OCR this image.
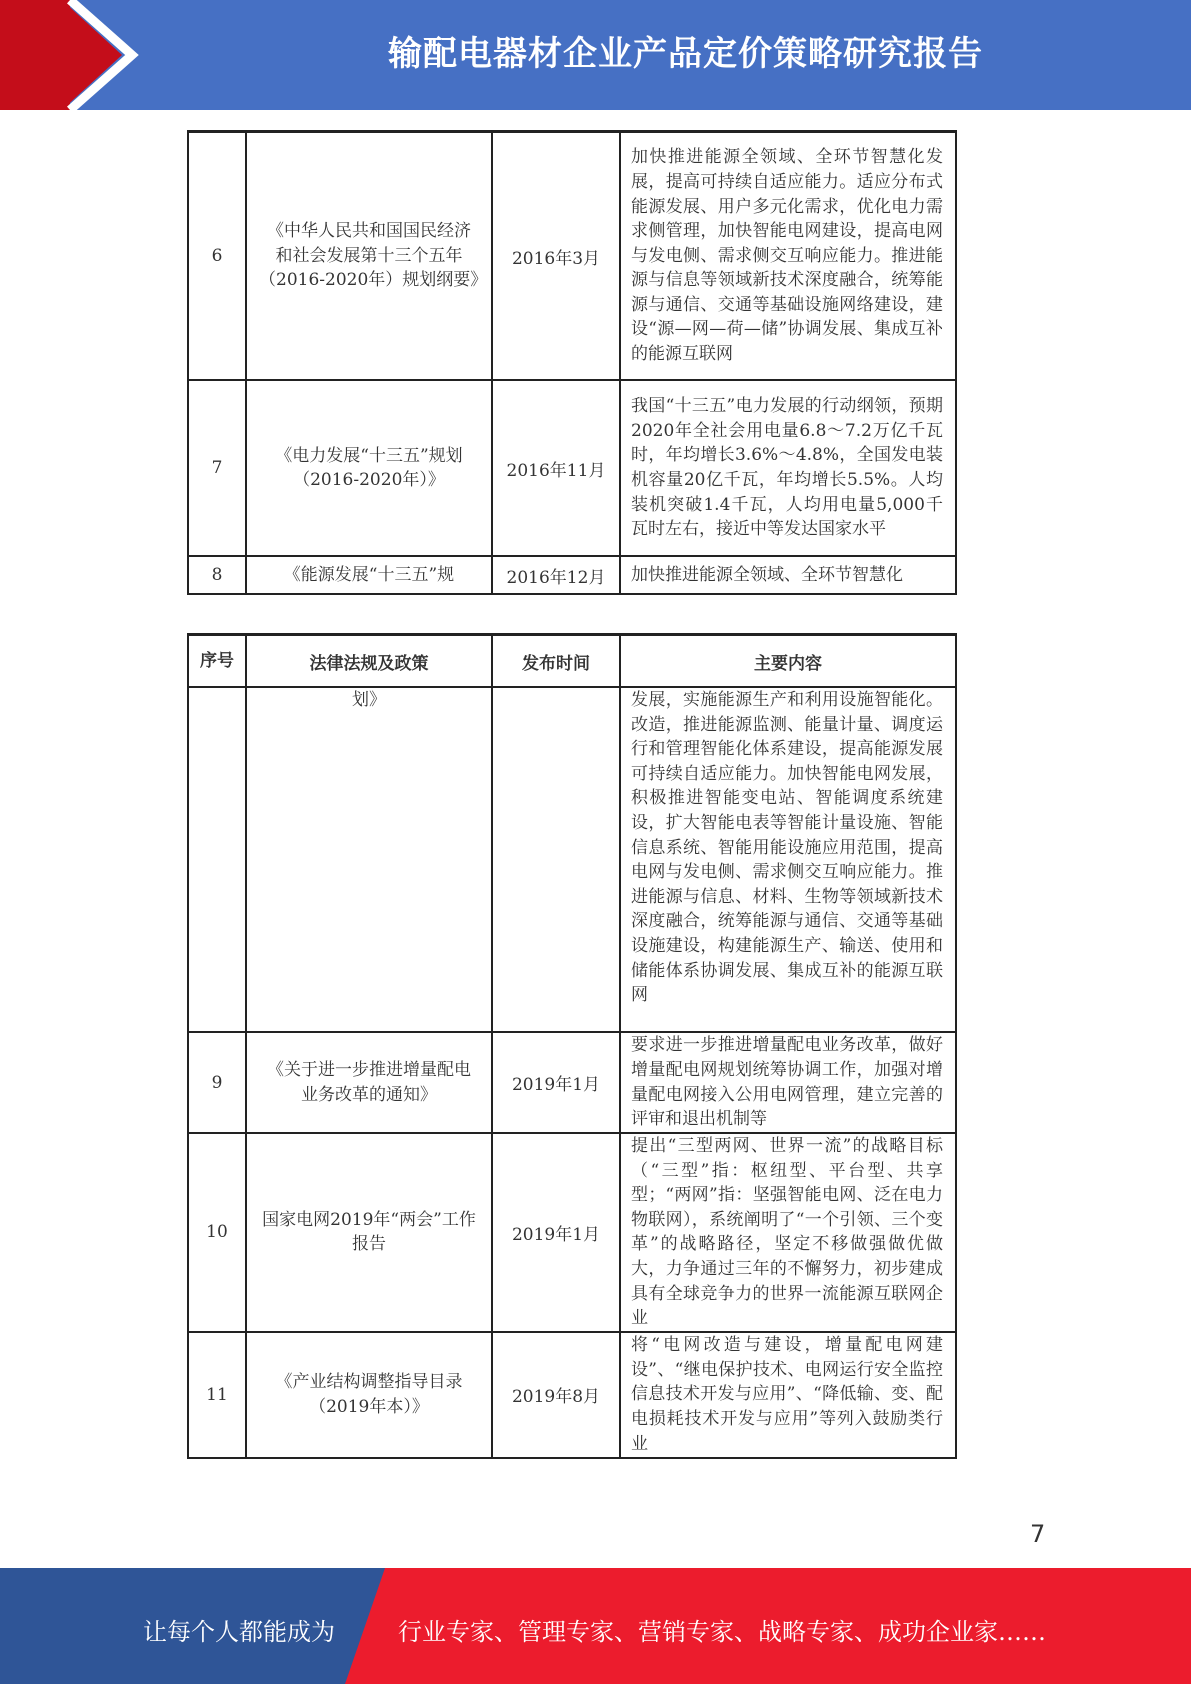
输配电器材企业产品定价策略研究报告
6	《中华人民共和国国民经济和社会发展第十三个五年（2016-2020年）规划纲要》	2016年3月	加快推进能源全领域、全环节智慧化发展，提高可持续自适应能力。适应分布式能源发展、用户多元化需求，优化电力需求侧管理，加快智能电网建设，提高电网与发电侧、需求侧交互响应能力。推进能源与信息等领域新技术深度融合，统筹能源与通信、交通等基础设施网络建设，建设“源—网—荷—储”协调发展、集成互补的能源互联网

7	《电力发展“十三五”规划（2016-2020年）》	2016年11月	我国“十三五”电力发展的行动纲领，预期2020年全社会用电量6.8～7.2万亿千瓦时，年均增长3.6%～4.8%，全国发电装机容量20亿千瓦，年均增长5.5%。人均装机突破1.4千瓦，人均用电量5,000千瓦时左右，接近中等发达国家水平

8	《能源发展“十三五”规	2016年12月	加快推进能源全领域、全环节智慧化
序号	法律法规及政策	发布时间	主要内容

	划》		发展，实施能源生产和利用设施智能化。改造，推进能源监测、能量计量、调度运行和管理智能化体系建设，提高能源发展可持续自适应能力。加快智能电网发展，积极推进智能变电站、智能调度系统建设，扩大智能电表等智能计量设施、智能信息系统、智能用能设施应用范围，提高电网与发电侧、需求侧交互响应能力。推进能源与信息、材料、生物等领域新技术深度融合，统筹能源与通信、交通等基础设施建设，构建能源生产、输送、使用和储能体系协调发展、集成互补的能源互联网

9	《关于进一步推进增量配电业务改革的通知》	2019年1月	要求进一步推进增量配电业务改革，做好增量配电网规划统筹协调工作，加强对增量配电网接入公用电网管理，建立完善的评审和退出机制等

10	国家电网2019年“两会”工作报告	2019年1月	提出“三型两网、世界一流”的战略目标（“三型”指：枢纽型、平台型、共享型；“两网”指：坚强智能电网、泛在电力物联网），系统阐明了“一个引领、三个变革”的战略路径，坚定不移做强做优做大，力争通过三年的不懈努力，初步建成具有全球竞争力的世界一流能源互联网企业

11	《产业结构调整指导目录（2019年本）》	2019年8月	将“电网改造与建设，增量配电网建设”、“继电保护技术、电网运行安全监控信息技术开发与应用”、“降低输、变、配电损耗技术开发与应用”等列入鼓励类行业
7
让每个人都能成为	行业专家、管理专家、营销专家、战略专家、成功企业家……
